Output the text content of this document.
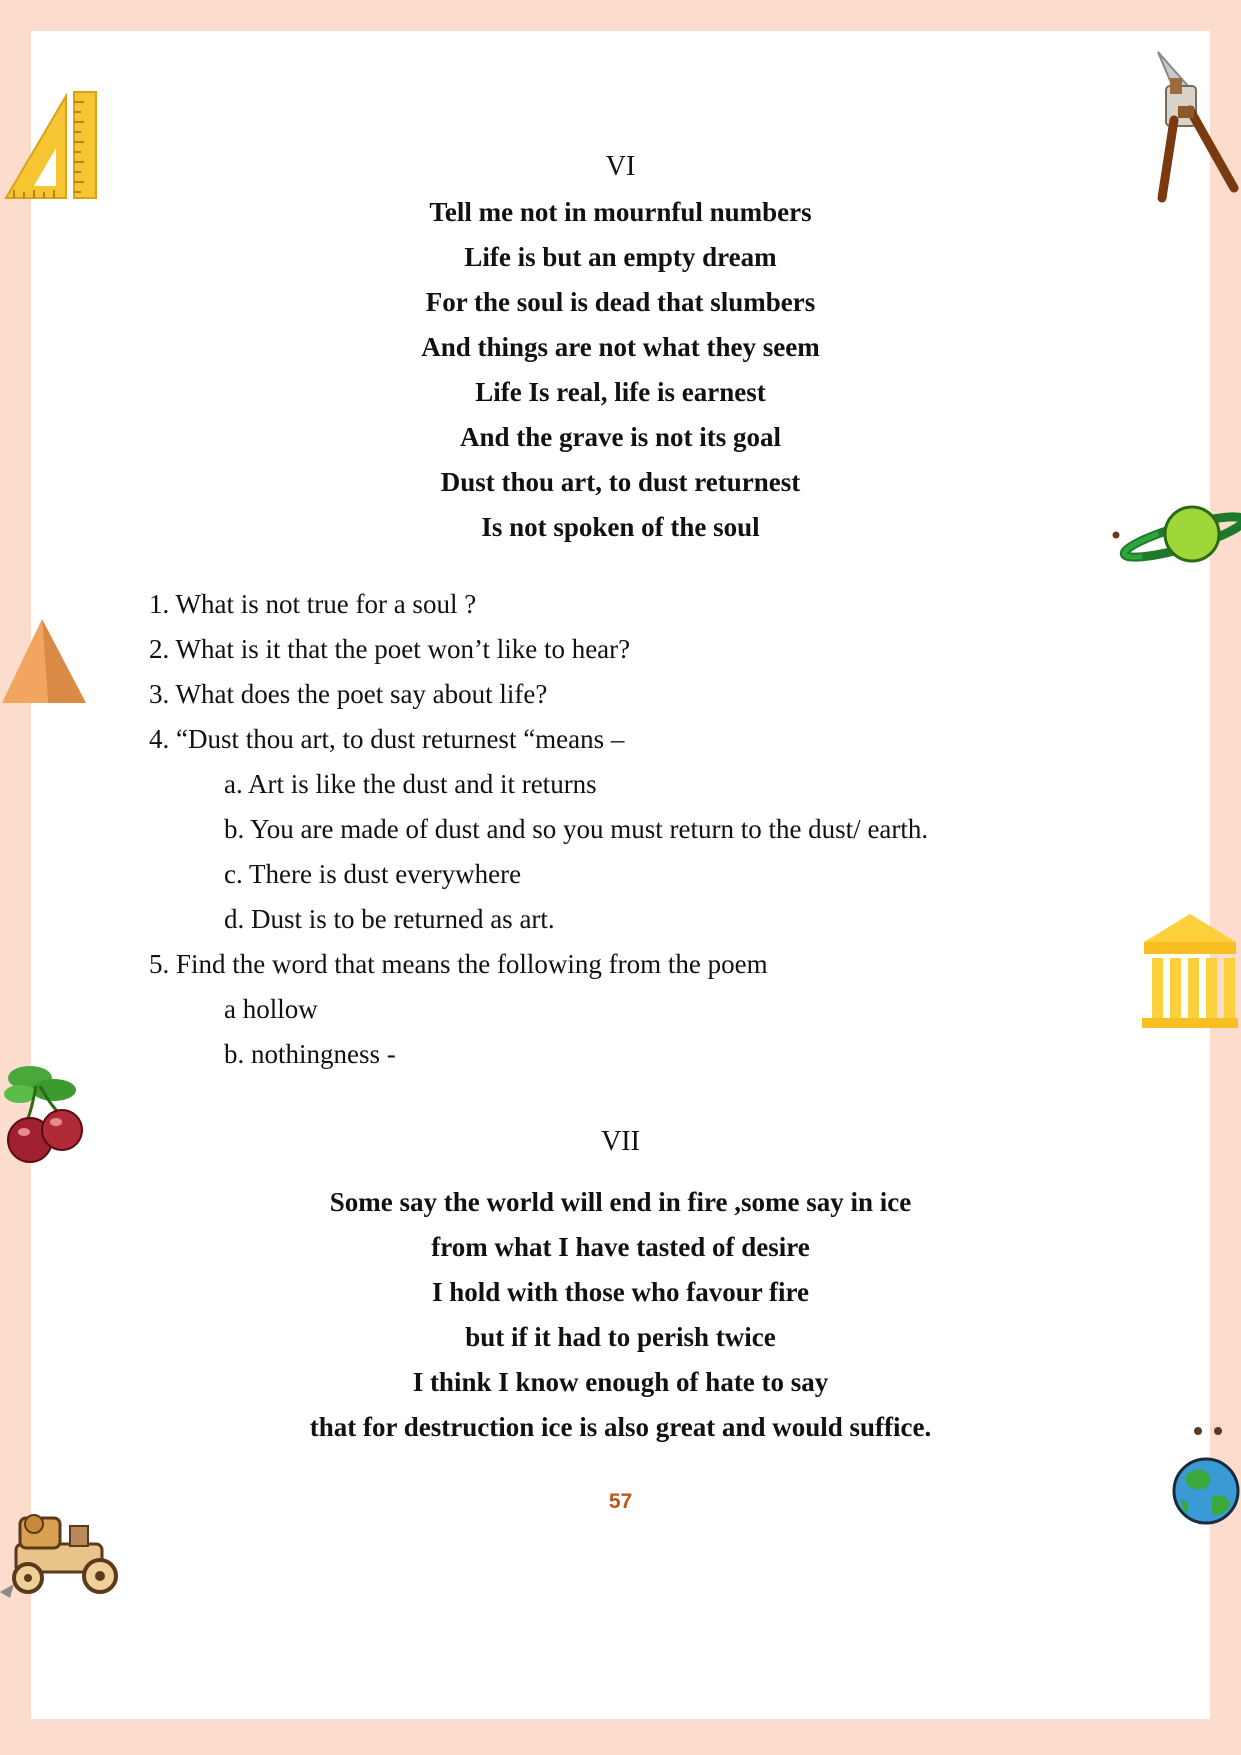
VI
Tell me not in mournful numbers
Life is but an empty dream
For the soul is dead that slumbers
And things are not what they seem
Life Is real, life is earnest
And the grave is not its goal
Dust thou art, to dust returnest
Is not spoken of the soul
1. What is not true for a soul ?
2. What is it that the poet won’t like to hear?
3. What does the poet say about life?
4. “Dust thou art, to dust returnest “means –
a. Art is like the dust and it returns
b. You are made of dust and so you must return to the dust/ earth.
c. There is dust everywhere
d. Dust is to be returned as art.
5. Find the word that means the following from the poem
a hollow
b. nothingness -
VII
Some say the world will end in fire ,some say in ice
from what I have tasted of desire
I hold with those who favour fire
but if it had to perish twice
I think I know enough of hate to say
that for destruction ice is also great and would suffice.
57
